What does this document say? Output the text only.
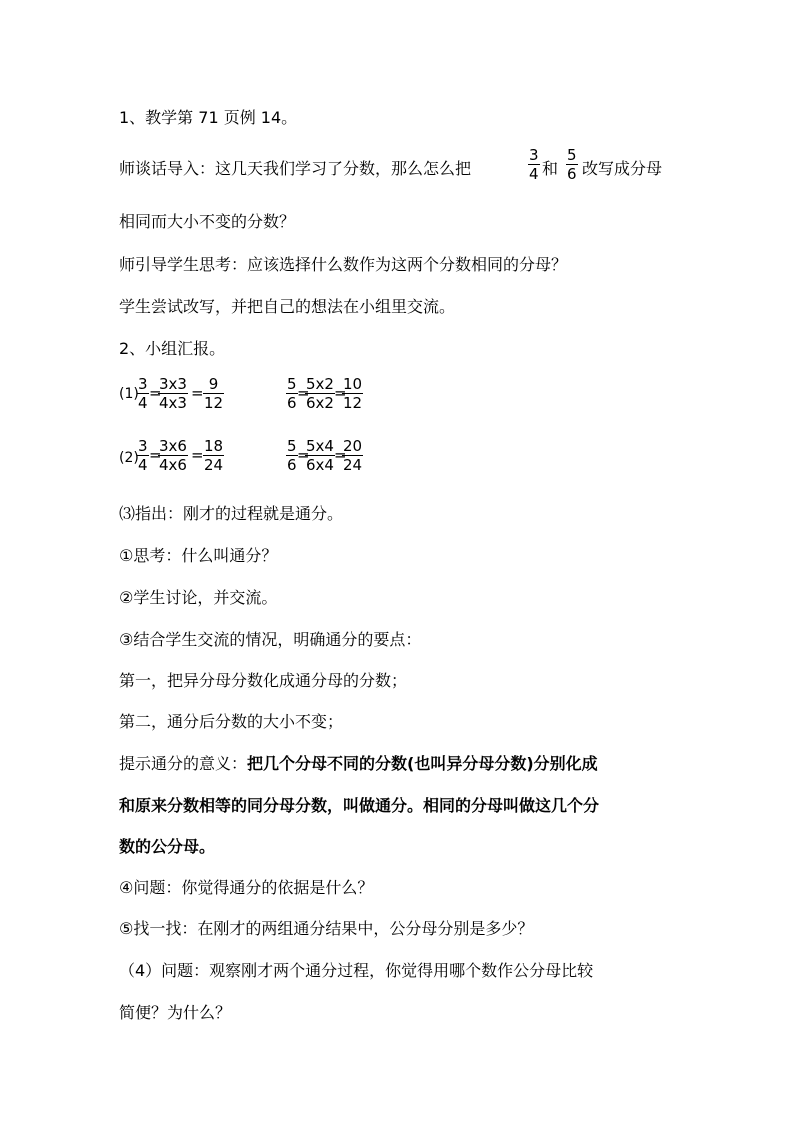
1、教学第 71 页例 14。
师谈话导入：这几天我们学习了分数，那么怎么把
3
4 和
5
6 改写成分母
相同而大小不变的分数？
师引导学生思考：应该选择什么数作为这两个分数相同的分母？
学生尝试改写，并把自己的想法在小组里交流。
2、小组汇报。
(1)
3
4
=
3x3
4x3
= 9
12
5
6
=
5x2
6x2
=
10
12
(2)
3
4
=
3x6
4x6
= 18
24
5
6
=
5x4
6x4
=
20
24
⑶指出：刚才的过程就是通分。
①思考：什么叫通分？
②学生讨论，并交流。
③结合学生交流的情况，明确通分的要点：
第一，把异分母分数化成通分母的分数；
第二，通分后分数的大小不变；
提示通分的意义：把几个分母不同的分数(也叫异分母分数)分别化成
和原来分数相等的同分母分数，叫做通分。相同的分母叫做这几个分
数的公分母。
④问题：你觉得通分的依据是什么？
⑤找一找：在刚才的两组通分结果中，公分母分别是多少？
（4）问题：观察刚才两个通分过程，你觉得用哪个数作公分母比较
简便？为什么？
